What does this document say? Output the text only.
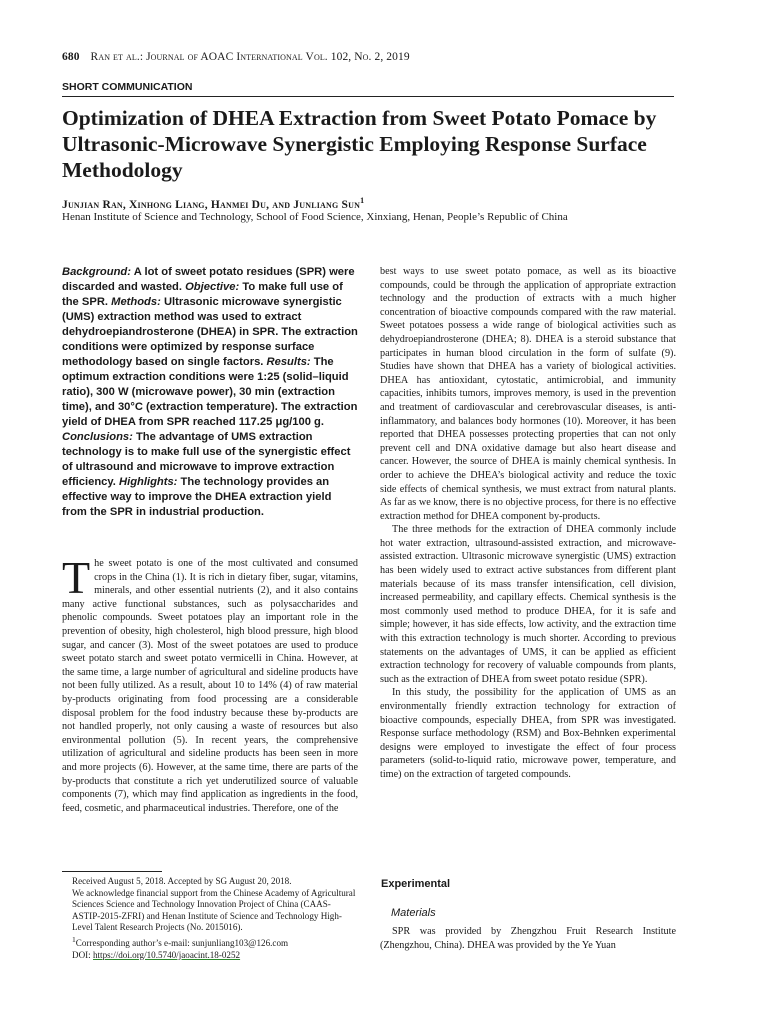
680 Ran et al.: Journal of AOAC International Vol. 102, No. 2, 2019
SHORT COMMUNICATION
Optimization of DHEA Extraction from Sweet Potato Pomace by Ultrasonic-Microwave Synergistic Employing Response Surface Methodology
Junjian Ran, Xinhong Liang, Hanmei Du, and Junliang Sun$^1$
Henan Institute of Science and Technology, School of Food Science, Xinxiang, Henan, People’s Republic of China

Background: A lot of sweet potato residues (SPR) were discarded and wasted. Objective: To make full use of the SPR. Methods: Ultrasonic microwave synergistic (UMS) extraction method was used to extract dehydroepiandrosterone (DHEA) in SPR. The extraction conditions were optimized by response surface methodology based on single factors. Results: The optimum extraction conditions were 1:25 (solid–liquid ratio), 300 W (microwave power), 30 min (extraction time), and 30°C (extraction temperature). The extraction yield of DHEA from SPR reached 117.25 μg/100 g. Conclusions: The advantage of UMS extraction technology is to make full use of the synergistic effect of ultrasound and microwave to improve extraction efficiency. Highlights: The technology provides an effective way to improve the DHEA extraction yield from the SPR in industrial production.

The sweet potato is one of the most cultivated and consumed crops in the China (1). It is rich in dietary fiber, sugar, vitamins, minerals, and other essential nutrients (2), and it also contains many active functional substances, such as polysaccharides and phenolic compounds. Sweet potatoes play an important role in the prevention of obesity, high cholesterol, high blood pressure, high blood sugar, and cancer (3). Most of the sweet potatoes are used to produce sweet potato starch and sweet potato vermicelli in China. However, at the same time, a large number of agricultural and sideline products have not been fully utilized. As a result, about 10 to 14% (4) of raw material by-products originating from food processing are a considerable disposal problem for the food industry because these by-products are not handled properly, not only causing a waste of resources but also environmental pollution (5). In recent years, the comprehensive utilization of agricultural and sideline products has been seen in more and more projects (6). However, at the same time, there are parts of the by-products that constitute a rich yet underutilized source of valuable components (7), which may find application as ingredients in the food, feed, cosmetic, and pharmaceutical industries. Therefore, one of the

Received August 5, 2018. Accepted by SG August 20, 2018.

We acknowledge financial support from the Chinese Academy of Agricultural Sciences Science and Technology Innovation Project of China (CAAS-ASTIP-2015-ZFRI) and Henan Institute of Science and Technology High-Level Talent Research Projects (No. 2015016).

$^1$Corresponding author’s e-mail: sunjunliang103@126.com

DOI: https://doi.org/10.5740/jaoacint.18-0252

best ways to use sweet potato pomace, as well as its bioactive compounds, could be through the application of appropriate extraction technology and the production of extracts with a much higher concentration of bioactive compounds compared with the raw material. Sweet potatoes possess a wide range of biological activities such as dehydroepiandrosterone (DHEA; 8). DHEA is a steroid substance that participates in human blood circulation in the form of sulfate (9). Studies have shown that DHEA has a variety of biological activities. DHEA has antioxidant, cytostatic, antimicrobial, and immunity capacities, inhibits tumors, improves memory, is used in the prevention and treatment of cardiovascular and cerebrovascular diseases, is anti-inflammatory, and balances body hormones (10). Moreover, it has been reported that DHEA possesses protecting properties that can not only prevent cell and DNA oxidative damage but also heart disease and cancer. However, the source of DHEA is mainly chemical synthesis. In order to achieve the DHEA’s biological activity and reduce the toxic side effects of chemical synthesis, we must extract from natural plants. As far as we know, there is no objective process, for there is no effective extraction method for DHEA component by-products.

The three methods for the extraction of DHEA commonly include hot water extraction, ultrasound-assisted extraction, and microwave-assisted extraction. Ultrasonic microwave synergistic (UMS) extraction has been widely used to extract active substances from different plant materials because of its mass transfer intensification, cell division, increased permeability, and capillary effects. Chemical synthesis is the most commonly used method to produce DHEA, for it is safe and simple; however, it has side effects, low activity, and the extraction time with this extraction technology is much shorter. According to previous statements on the advantages of UMS, it can be applied as efficient extraction technology for recovery of valuable compounds from plants, such as the extraction of DHEA from sweet potato residue (SPR).

In this study, the possibility for the application of UMS as an environmentally friendly extraction technology for extraction of bioactive compounds, especially DHEA, from SPR was investigated. Response surface methodology (RSM) and Box-Behnken experimental designs were employed to investigate the effect of four process parameters (solid-to-liquid ratio, microwave power, temperature, and time) on the extraction of targeted compounds.

Experimental
Materials

SPR was provided by Zhengzhou Fruit Research Institute (Zhengzhou, China). DHEA was provided by the Ye Yuan
